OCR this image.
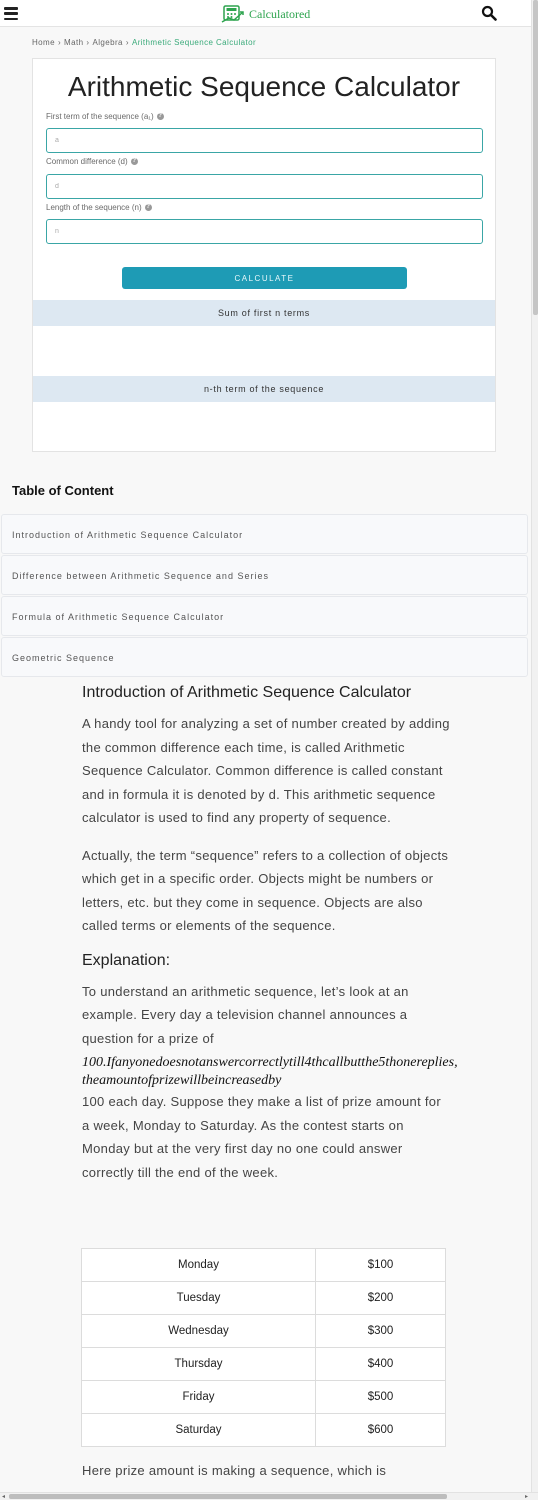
Calculatored
Home › Math › Algebra › Arithmetic Sequence Calculator
Arithmetic Sequence Calculator
First term of the sequence (a₁) ?
a
Common difference (d) ?
d
Length of the sequence (n) ?
n
CALCULATE
Sum of first n terms
n-th term of the sequence
Table of Content
Introduction of Arithmetic Sequence Calculator
Difference between Arithmetic Sequence and Series
Formula of Arithmetic Sequence Calculator
Geometric Sequence
Introduction of Arithmetic Sequence Calculator

A handy tool for analyzing a set of number created by adding the common difference each time, is called Arithmetic Sequence Calculator. Common difference is called constant and in formula it is denoted by d. This arithmetic sequence calculator is used to find any property of sequence.

Actually, the term “sequence” refers to a collection of objects which get in a specific order. Objects might be numbers or letters, etc. but they come in sequence. Objects are also called terms or elements of the sequence.

Explanation:

To understand an arithmetic sequence, let’s look at an example. Every day a television channel announces a question for a prize of

100.Ifanyonedoesnotanswercorrectlytill4thcallbutthe5thonereplies,
theamountofprizewillbeincreasedby

100 each day. Suppose they make a list of prize amount for a week, Monday to Saturday. As the contest starts on Monday but at the very first day no one could answer correctly till the end of the week.

Monday	$100
Tuesday	$200
Wednesday	$300
Thursday	$400
Friday	$500
Saturday	$600

Here prize amount is making a sequence, which is

◂	▸
